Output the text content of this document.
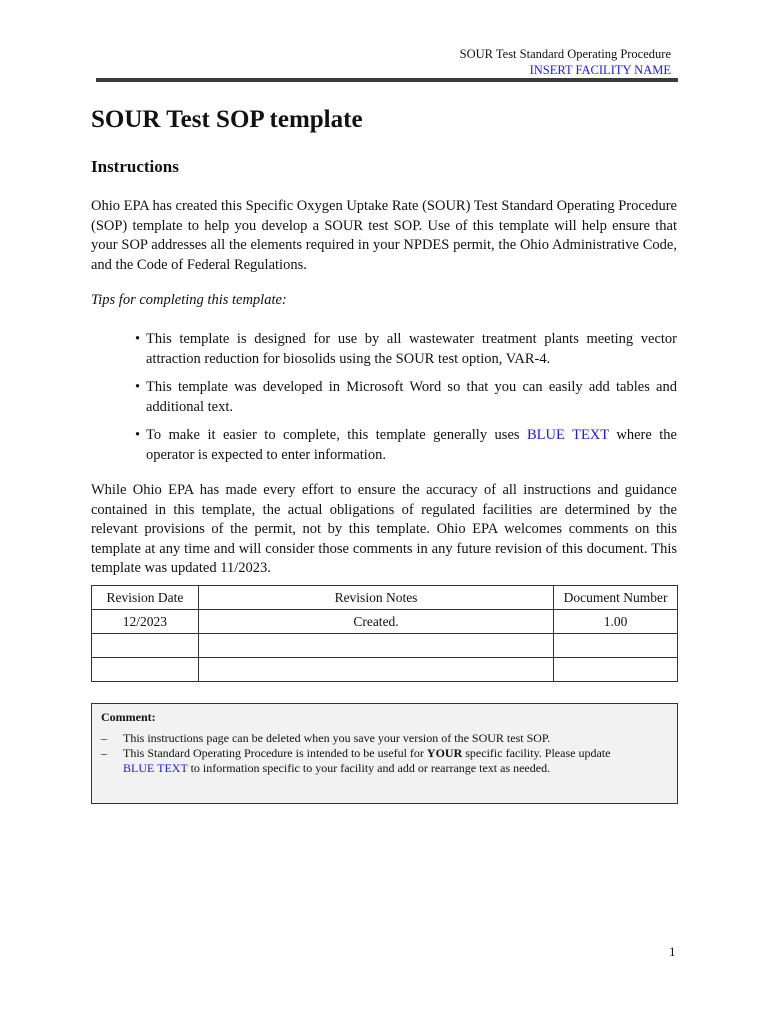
SOUR Test Standard Operating Procedure
INSERT FACILITY NAME
SOUR Test SOP template
Instructions

Ohio EPA has created this Specific Oxygen Uptake Rate (SOUR) Test Standard Operating Procedure (SOP) template to help you develop a SOUR test SOP. Use of this template will help ensure that your SOP addresses all the elements required in your NPDES permit, the Ohio Administrative Code, and the Code of Federal Regulations.

Tips for completing this template:

• This template is designed for use by all wastewater treatment plants meeting vector attraction reduction for biosolids using the SOUR test option, VAR-4.
• This template was developed in Microsoft Word so that you can easily add tables and additional text.
• To make it easier to complete, this template generally uses BLUE TEXT where the operator is expected to enter information.

While Ohio EPA has made every effort to ensure the accuracy of all instructions and guidance contained in this template, the actual obligations of regulated facilities are determined by the relevant provisions of the permit, not by this template. Ohio EPA welcomes comments on this template at any time and will consider those comments in any future revision of this document. This template was updated 11/2023.

Revision Date	Revision Notes	Document Number
12/2023	Created.	1.00

Comment:

– This instructions page can be deleted when you save your version of the SOUR test SOP.
– This Standard Operating Procedure is intended to be useful for YOUR specific facility. Please update
BLUE TEXT to information specific to your facility and add or rearrange text as needed.
1
